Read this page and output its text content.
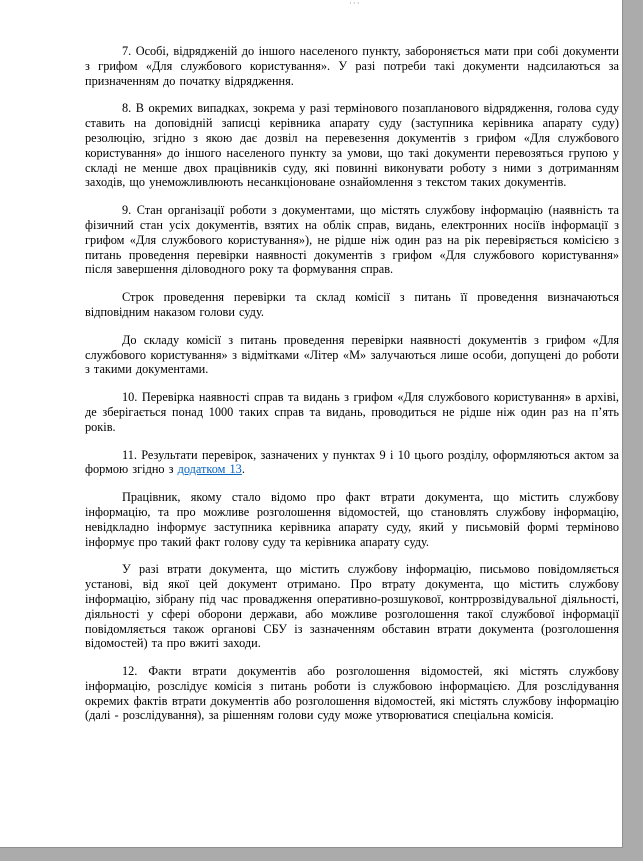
···

7. Особі, відрядженій до іншого населеного пункту, забороняється мати при собі документи з грифом «Для службового користування». У разі потреби такі документи надсилаються за призначенням до початку відрядження.

8. В окремих випадках, зокрема у разі термінового позапланового відрядження, голова суду ставить на доповідній записці керівника апарату суду (заступника керівника апарату суду) резолюцію, згідно з якою дає дозвіл на перевезення документів з грифом «Для службового користування» до іншого населеного пункту за умови, що такі документи перевозяться групою у складі не менше двох працівників суду, які повинні виконувати роботу з ними з дотриманням заходів, що унеможливлюють несанкціоноване ознайомлення з текстом таких документів.

9. Стан організації роботи з документами, що містять службову інформацію (наявність та фізичний стан усіх документів, взятих на облік справ, видань, електронних носіїв інформації з грифом «Для службового користування»), не рідше ніж один раз на рік перевіряється комісією з питань проведення перевірки наявності документів з грифом «Для службового користування» після завершення діловодного року та формування справ.

Строк проведення перевірки та склад комісії з питань її проведення визначаються відповідним наказом голови суду.

До складу комісії з питань проведення перевірки наявності документів з грифом «Для службового користування» з відмітками «Літер «М» залучаються лише особи, допущені до роботи з такими документами.

10. Перевірка наявності справ та видань з грифом «Для службового користування» в архіві, де зберігається понад 1000 таких справ та видань, проводиться не рідше ніж один раз на п’ять років.

11. Результати перевірок, зазначених у пунктах 9 і 10 цього розділу, оформляються актом за формою згідно з додатком 13.

Працівник, якому стало відомо про факт втрати документа, що містить службову інформацію, та про можливе розголошення відомостей, що становлять службову інформацію, невідкладно інформує заступника керівника апарату суду, який у письмовій формі терміново інформує про такий факт голову суду та керівника апарату суду.

У разі втрати документа, що містить службову інформацію, письмово повідомляється установі, від якої цей документ отримано. Про втрату документа, що містить службову інформацію, зібрану під час провадження оперативно-розшукової, контррозвідувальної діяльності, діяльності у сфері оборони держави, або можливе розголошення такої службової інформації повідомляється також органові СБУ із зазначенням обставин втрати документа (розголошення відомостей) та про вжиті заходи.

12. Факти втрати документів або розголошення відомостей, які містять службову інформацію, розслідує комісія з питань роботи із службовою інформацією. Для розслідування окремих фактів втрати документів або розголошення відомостей, які містять службову інформацію (далі - розслідування), за рішенням голови суду може утворюватися спеціальна комісія.
